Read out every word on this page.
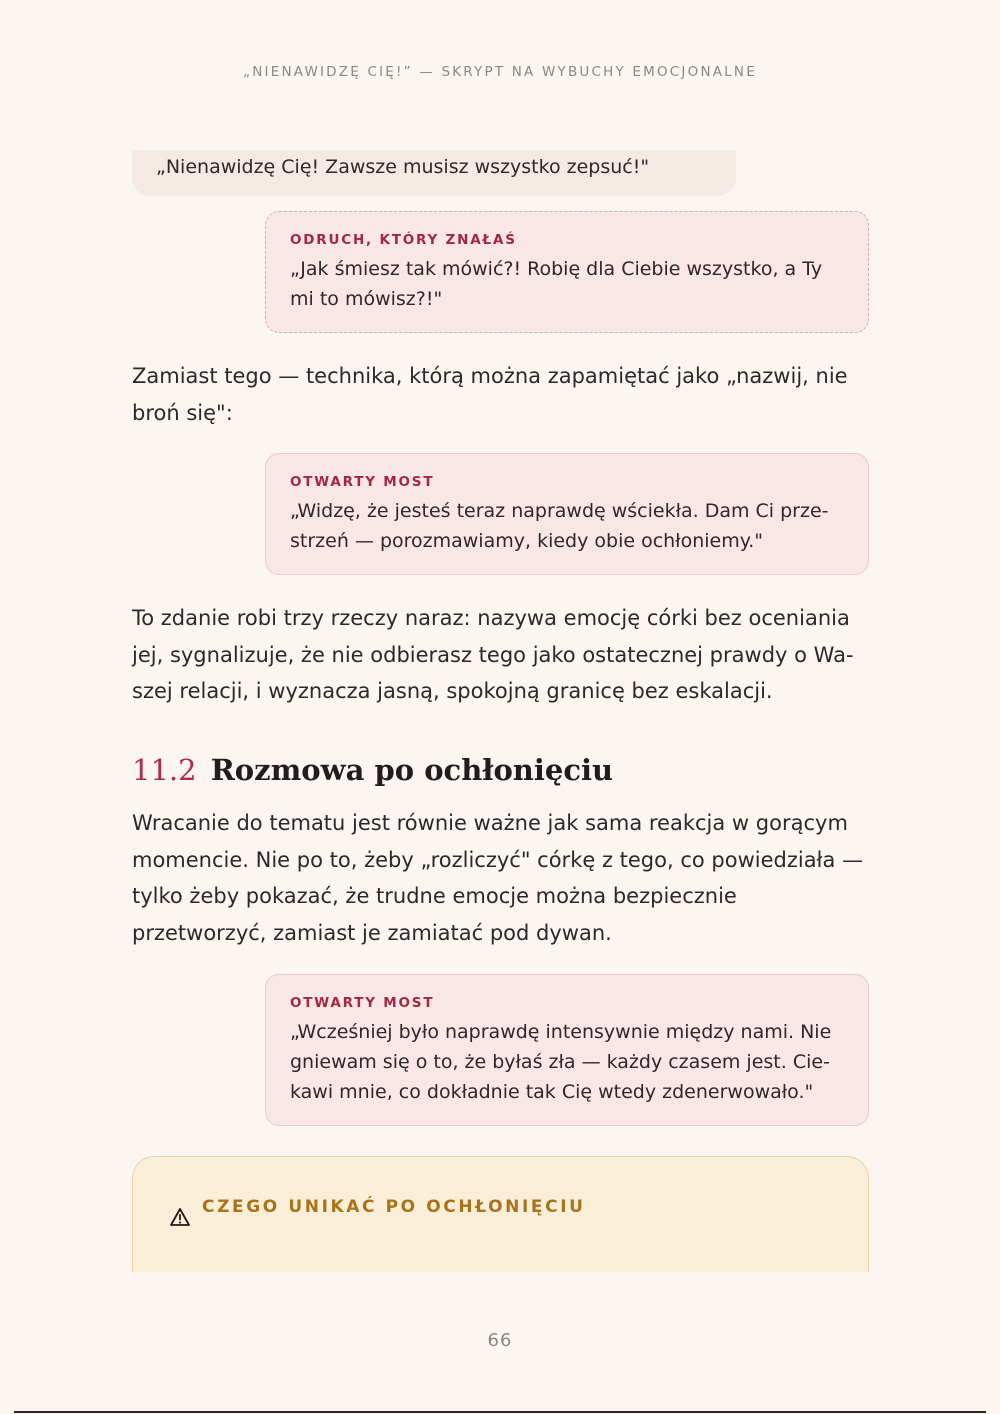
„NIENAWIDZĘ CIĘ!” — SKRYPT NA WYBUCHY EMOCJONALNE
„Nienawidzę Cię! Zawsze musisz wszystko zepsuć!"
ODRUCH, KTÓRY ZNAŁAŚ
„Jak śmiesz tak mówić?! Robię dla Ciebie wszystko, a Ty mi to mówisz?!"
Zamiast tego — technika, którą można zapamiętać jako „nazwij, nie broń się":
OTWARTY MOST
„Widzę, że jesteś teraz naprawdę wściekła. Dam Ci prze-strzeń — porozmawiamy, kiedy obie ochłoniemy."
To zdanie robi trzy rzeczy naraz: nazywa emocję córki bez oceniania jej, sygnalizuje, że nie odbierasz tego jako ostatecznej prawdy o Wa-szej relacji, i wyznacza jasną, spokojną granicę bez eskalacji.
11.2 Rozmowa po ochłonięciu
Wracanie do tematu jest równie ważne jak sama reakcja w gorącym momencie. Nie po to, żeby „rozliczyć" córkę z tego, co powiedziała — tylko żeby pokazać, że trudne emocje można bezpiecznie przetworzyć, zamiast je zamiatać pod dywan.
OTWARTY MOST
„Wcześniej było naprawdę intensywnie między nami. Nie gniewam się o to, że byłaś zła — każdy czasem jest. Cie-kawi mnie, co dokładnie tak Cię wtedy zdenerwowało."
CZEGO UNIKAĆ PO OCHŁONIĘCIU
66
